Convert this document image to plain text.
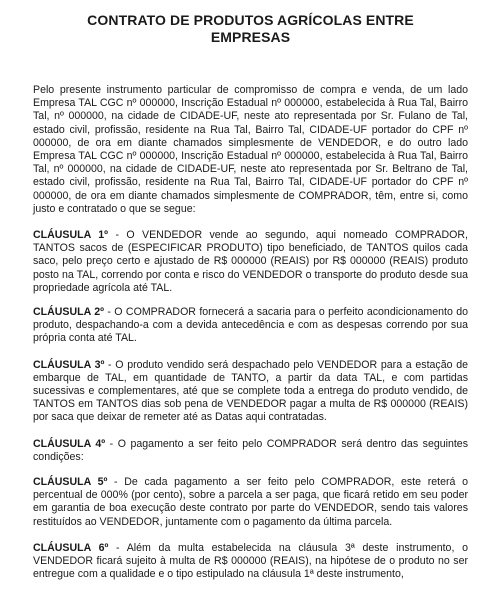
CONTRATO DE PRODUTOS AGRÍCOLAS ENTRE EMPRESAS

Pelo presente instrumento particular de compromisso de compra e venda, de um lado Empresa TAL CGC nº 000000, Inscrição Estadual nº 000000, estabelecida à Rua Tal, Bairro Tal, nº 000000, na cidade de CIDADE-UF, neste ato representada por Sr. Fulano de Tal, estado civil, profissão, residente na Rua Tal, Bairro Tal, CIDADE-UF portador do CPF nº 000000, de ora em diante chamados simplesmente de VENDEDOR, e do outro lado Empresa TAL CGC nº 000000, Inscrição Estadual nº 000000, estabelecida à Rua Tal, Bairro Tal, nº 000000, na cidade de CIDADE-UF, neste ato representada por Sr. Beltrano de Tal, estado civil, profissão, residente na Rua Tal, Bairro Tal, CIDADE-UF portador do CPF nº 000000, de ora em diante chamados simplesmente de COMPRADOR, têm, entre si, como justo e contratado o que se segue:

CLÁUSULA 1º - O VENDEDOR vende ao segundo, aqui nomeado COMPRADOR, TANTOS sacos de (ESPECIFICAR PRODUTO) tipo beneficiado, de TANTOS quilos cada saco, pelo preço certo e ajustado de R$ 000000 (REAIS) por R$ 000000 (REAIS) produto posto na TAL, correndo por conta e risco do VENDEDOR o transporte do produto desde sua propriedade agrícola até TAL.

CLÁUSULA 2º - O COMPRADOR fornecerá a sacaria para o perfeito acondicionamento do produto, despachando-a com a devida antecedência e com as despesas correndo por sua própria conta até TAL.

CLÁUSULA 3º - O produto vendido será despachado pelo VENDEDOR para a estação de embarque de TAL, em quantidade de TANTO, a partir da data TAL, e com partidas sucessivas e complementares, até que se complete toda a entrega do produto vendido, de TANTOS em TANTOS dias sob pena de VENDEDOR pagar a multa de R$ 000000 (REAIS) por saca que deixar de remeter até as Datas aqui contratadas.

CLÁUSULA 4º - O pagamento a ser feito pelo COMPRADOR será dentro das seguintes condições:

CLÁUSULA 5º - De cada pagamento a ser feito pelo COMPRADOR, este reterá o percentual de 000% (por cento), sobre a parcela a ser paga, que ficará retido em seu poder em garantia de boa execução deste contrato por parte do VENDEDOR, sendo tais valores restituídos ao VENDEDOR, juntamente com o pagamento da última parcela.

CLÁUSULA 6º - Além da multa estabelecida na cláusula 3ª deste instrumento, o VENDEDOR ficará sujeito à multa de R$ 000000 (REAIS), na hipótese de o produto no ser entregue com a qualidade e o tipo estipulado na cláusula 1ª deste instrumento,
